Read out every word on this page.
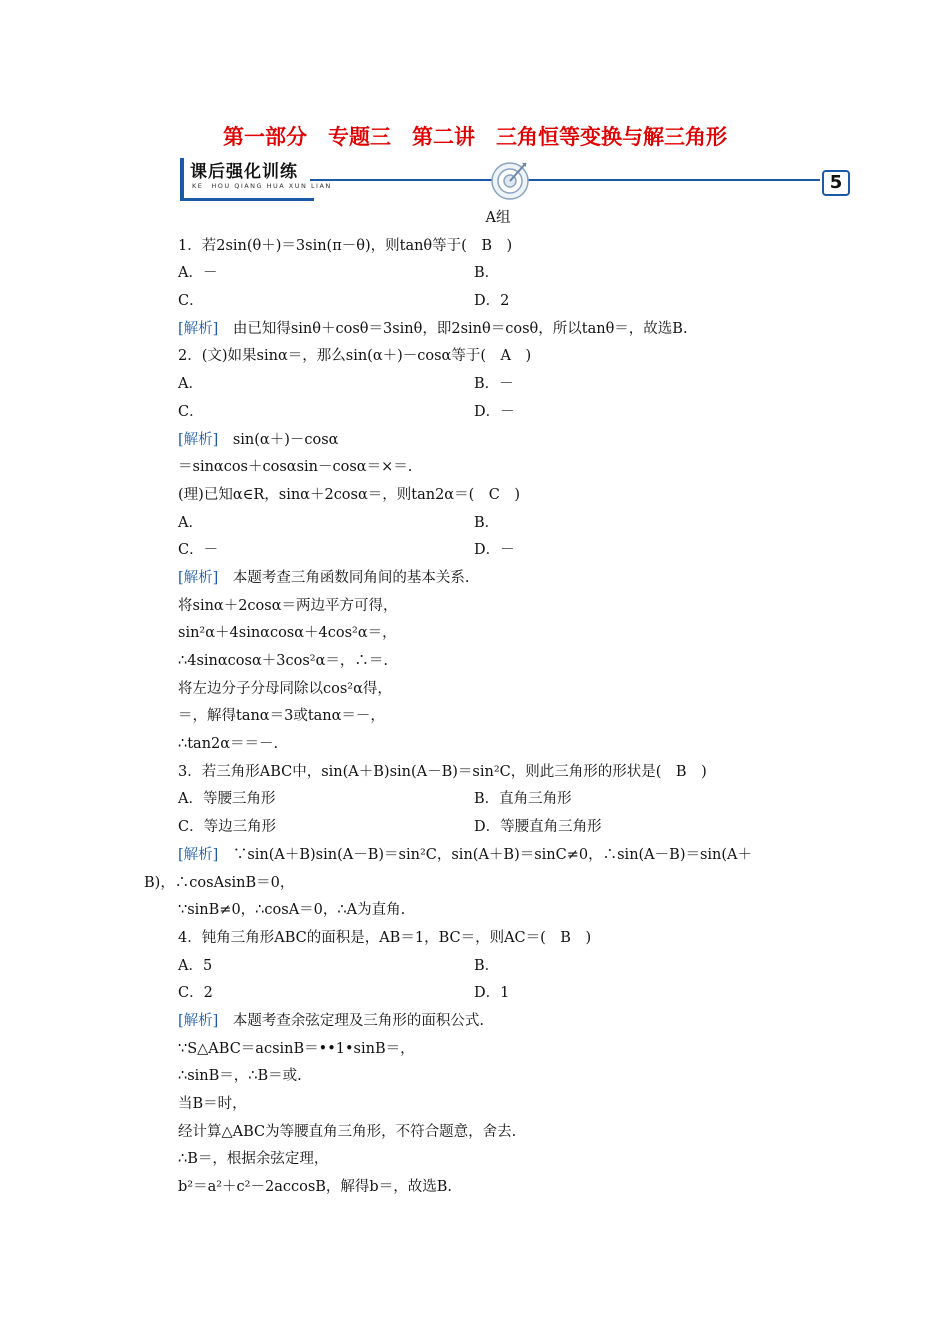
第一部分　专题三　第二讲　三角恒等变换与解三角形
课后强化训练
KE　HOU QIANG HUA XUN LIAN	5
A组
1．若2sin(θ＋)＝3sin(π－θ)，则tanθ等于(　B　)
A．－	B．
C．	D．2
[解析]　由已知得sinθ＋cosθ＝3sinθ，即2sinθ＝cosθ，所以tanθ＝，故选B.
2．(文)如果sinα＝，那么sin(α＋)－cosα等于(　A　)
A．	B．－
C．	D．－
[解析]　sin(α＋)－cosα
＝sinαcos＋cosαsin－cosα＝×＝.
(理)已知α∈R，sinα＋2cosα＝，则tan2α＝(　C　)
A．	B．
C．－	D．－
[解析]　本题考查三角函数同角间的基本关系.
将sinα＋2cosα＝两边平方可得，
sin²α＋4sinαcosα＋4cos²α＝，
∴4sinαcosα＋3cos²α＝，∴＝.
将左边分子分母同除以cos²α得，
＝，解得tanα＝3或tanα＝－，
∴tan2α＝＝－.
3．若三角形ABC中，sin(A＋B)sin(A－B)＝sin²C，则此三角形的形状是(　B　)
A．等腰三角形	B．直角三角形
C．等边三角形	D．等腰直角三角形
[解析]　∵sin(A＋B)sin(A－B)＝sin²C，sin(A＋B)＝sinC≠0，∴sin(A－B)＝sin(A＋
B)，∴cosAsinB＝0，
∵sinB≠0，∴cosA＝0，∴A为直角.
4．钝角三角形ABC的面积是，AB＝1，BC＝，则AC＝(　B　)
A．5	B．
C．2	D．1
[解析]　本题考查余弦定理及三角形的面积公式.
∵S△ABC＝acsinB＝••1•sinB＝，
∴sinB＝，∴B＝或.
当B＝时，
经计算△ABC为等腰直角三角形，不符合题意，舍去.
∴B＝，根据余弦定理，
b²＝a²＋c²－2accosB，解得b＝，故选B.
